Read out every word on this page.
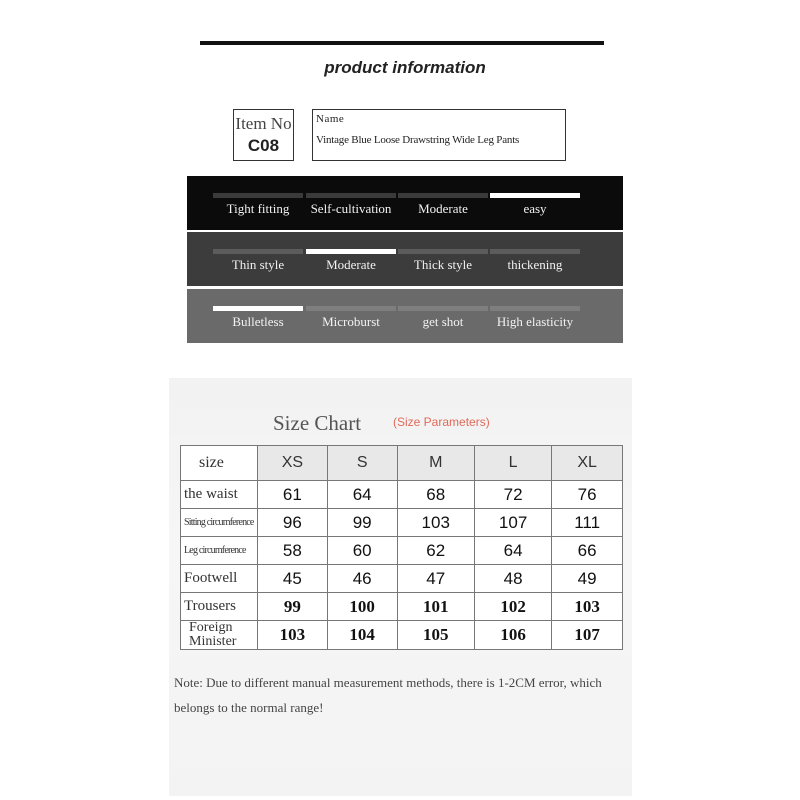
product information
Item No
C08
Name
Vintage Blue Loose Drawstring Wide Leg Pants
Tight fitting	Self-cultivation	Moderate	easy
Thin style	Moderate	Thick style	thickening
Bulletless	Microburst	get shot	High elasticity
Size Chart	(Size Parameters)
size	XS	S	M	L	XL
the waist	61	64	68	72	76
Sitting circumference	96	99	103	107	111
Leg circumference	58	60	62	64	66
Footwell	45	46	47	48	49
Trousers	99	100	101	102	103
Foreign Minister	103	104	105	106	107
Note: Due to different manual measurement methods, there is 1-2CM error, which belongs to the normal range!
